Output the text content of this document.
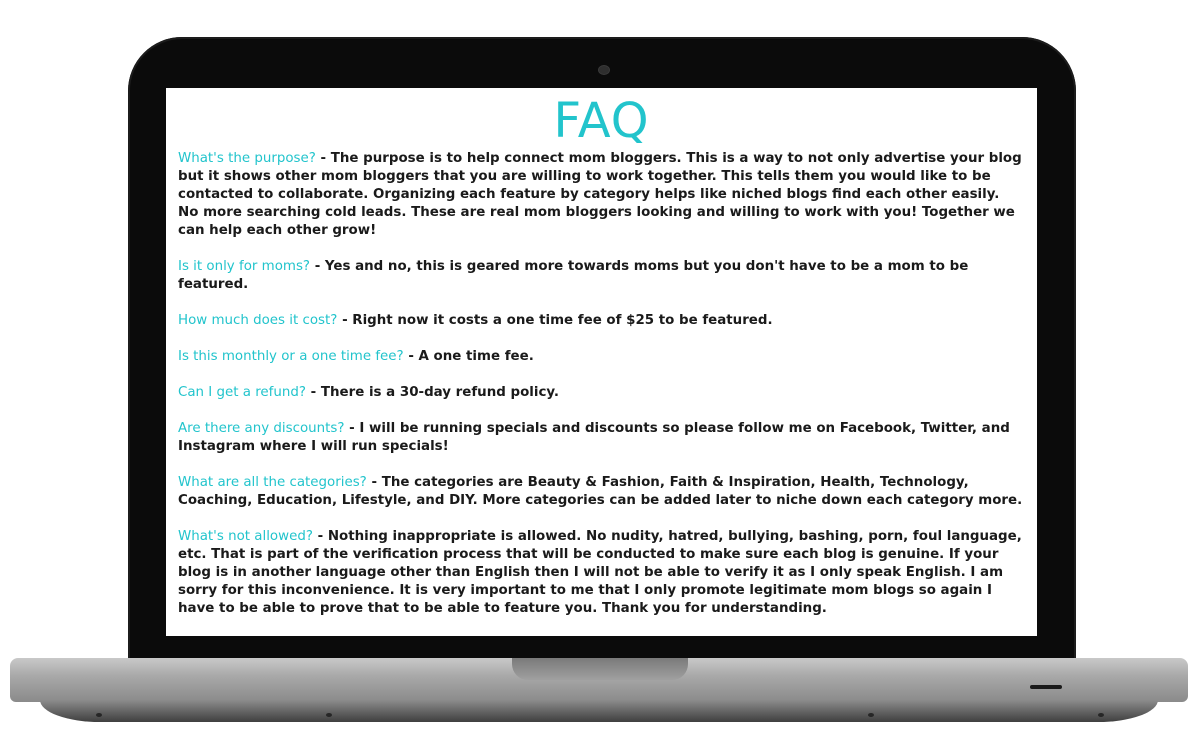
FAQ

What's the purpose? - The purpose is to help connect mom bloggers. This is a way to not only advertise your blog but it shows other mom bloggers that you are willing to work together. This tells them you would like to be contacted to collaborate. Organizing each feature by category helps like niched blogs find each other easily. No more searching cold leads. These are real mom bloggers looking and willing to work with you! Together we can help each other grow!

Is it only for moms? - Yes and no, this is geared more towards moms but you don't have to be a mom to be featured.

How much does it cost? - Right now it costs a one time fee of $25 to be featured.

Is this monthly or a one time fee? - A one time fee.

Can I get a refund? - There is a 30-day refund policy.

Are there any discounts? - I will be running specials and discounts so please follow me on Facebook, Twitter, and Instagram where I will run specials!

What are all the categories? - The categories are Beauty & Fashion, Faith & Inspiration, Health, Technology, Coaching, Education, Lifestyle, and DIY. More categories can be added later to niche down each category more.

What's not allowed? - Nothing inappropriate is allowed. No nudity, hatred, bullying, bashing, porn, foul language, etc. That is part of the verification process that will be conducted to make sure each blog is genuine. If your blog is in another language other than English then I will not be able to verify it as I only speak English. I am sorry for this inconvenience. It is very important to me that I only promote legitimate mom blogs so again I have to be able to prove that to be able to feature you. Thank you for understanding.
